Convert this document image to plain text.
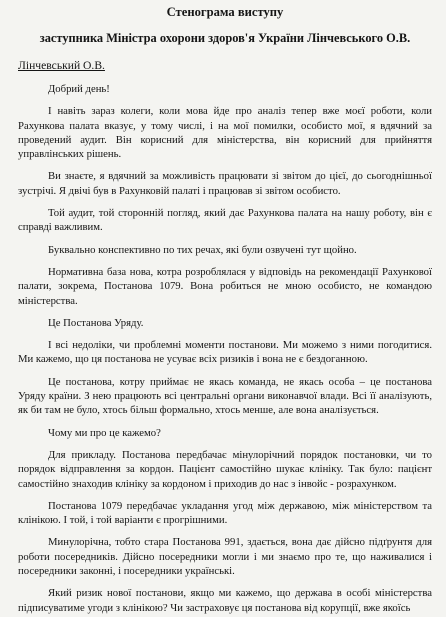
Стенограма виступу
заступника Міністра охорони здоров'я України Лінчевського О.В.
Лінчевський О.В.

Добрий день!

І навіть зараз колеги, коли мова йде про аналіз тепер вже моєї роботи, коли Рахункова палата вказує, у тому числі, і на мої помилки, особисто мої, я вдячний за проведений аудит. Він корисний для міністерства, він корисний для прийняття управлінських рішень.

Ви знаєте, я вдячний за можливість працювати зі звітом до цієї, до сьогоднішньої зустрічі. Я двічі був в Рахунковій палаті і працював зі звітом особисто.

Той аудит, той сторонній погляд, який дає Рахункова палата на нашу роботу, він є справді важливим.

Буквально конспективно по тих речах, які були озвучені тут щойно.

Нормативна база нова, котра розроблялася у відповідь на рекомендації Рахункової палати, зокрема, Постанова 1079. Вона робиться не мною особисто, не командою міністерства.

Це Постанова Уряду.

І всі недоліки, чи проблемні моменти постанови. Ми можемо з ними погодитися. Ми кажемо, що ця постанова не усуває всіх ризиків і вона не є бездоганною.

Це постанова, котру приймає не якась команда, не якась особа – це постанова Уряду країни. З нею працюють всі центральні органи виконавчої влади. Всі її аналізують, як би там не було, хтось більш формально, хтось менше, але вона аналізується.

Чому ми про це кажемо?

Для прикладу. Постанова передбачає мінулорічний порядок постановки, чи то порядок відправлення за кордон. Пацієнт самостійно шукає клініку. Так було: пацієнт самостійно знаходив клініку за кордоном і приходив до нас з інвойс - розрахунком.

Постанова 1079 передбачає укладання угод між державою, між міністерством та клінікою. І той, і той варіанти є прогрішними.

Минулорічна, тобто стара Постанова 991, здається, вона дає дійсно підґрунтя для роботи посередників. Дійсно посередники могли і ми знаємо про те, що наживалися і посередники законні, і посередники українські.

Який ризик нової постанови, якщо ми кажемо, що держава в особі міністерства підписуватиме угоди з клінікою? Чи застраховує ця постанова від корупції, вже якоїсь
